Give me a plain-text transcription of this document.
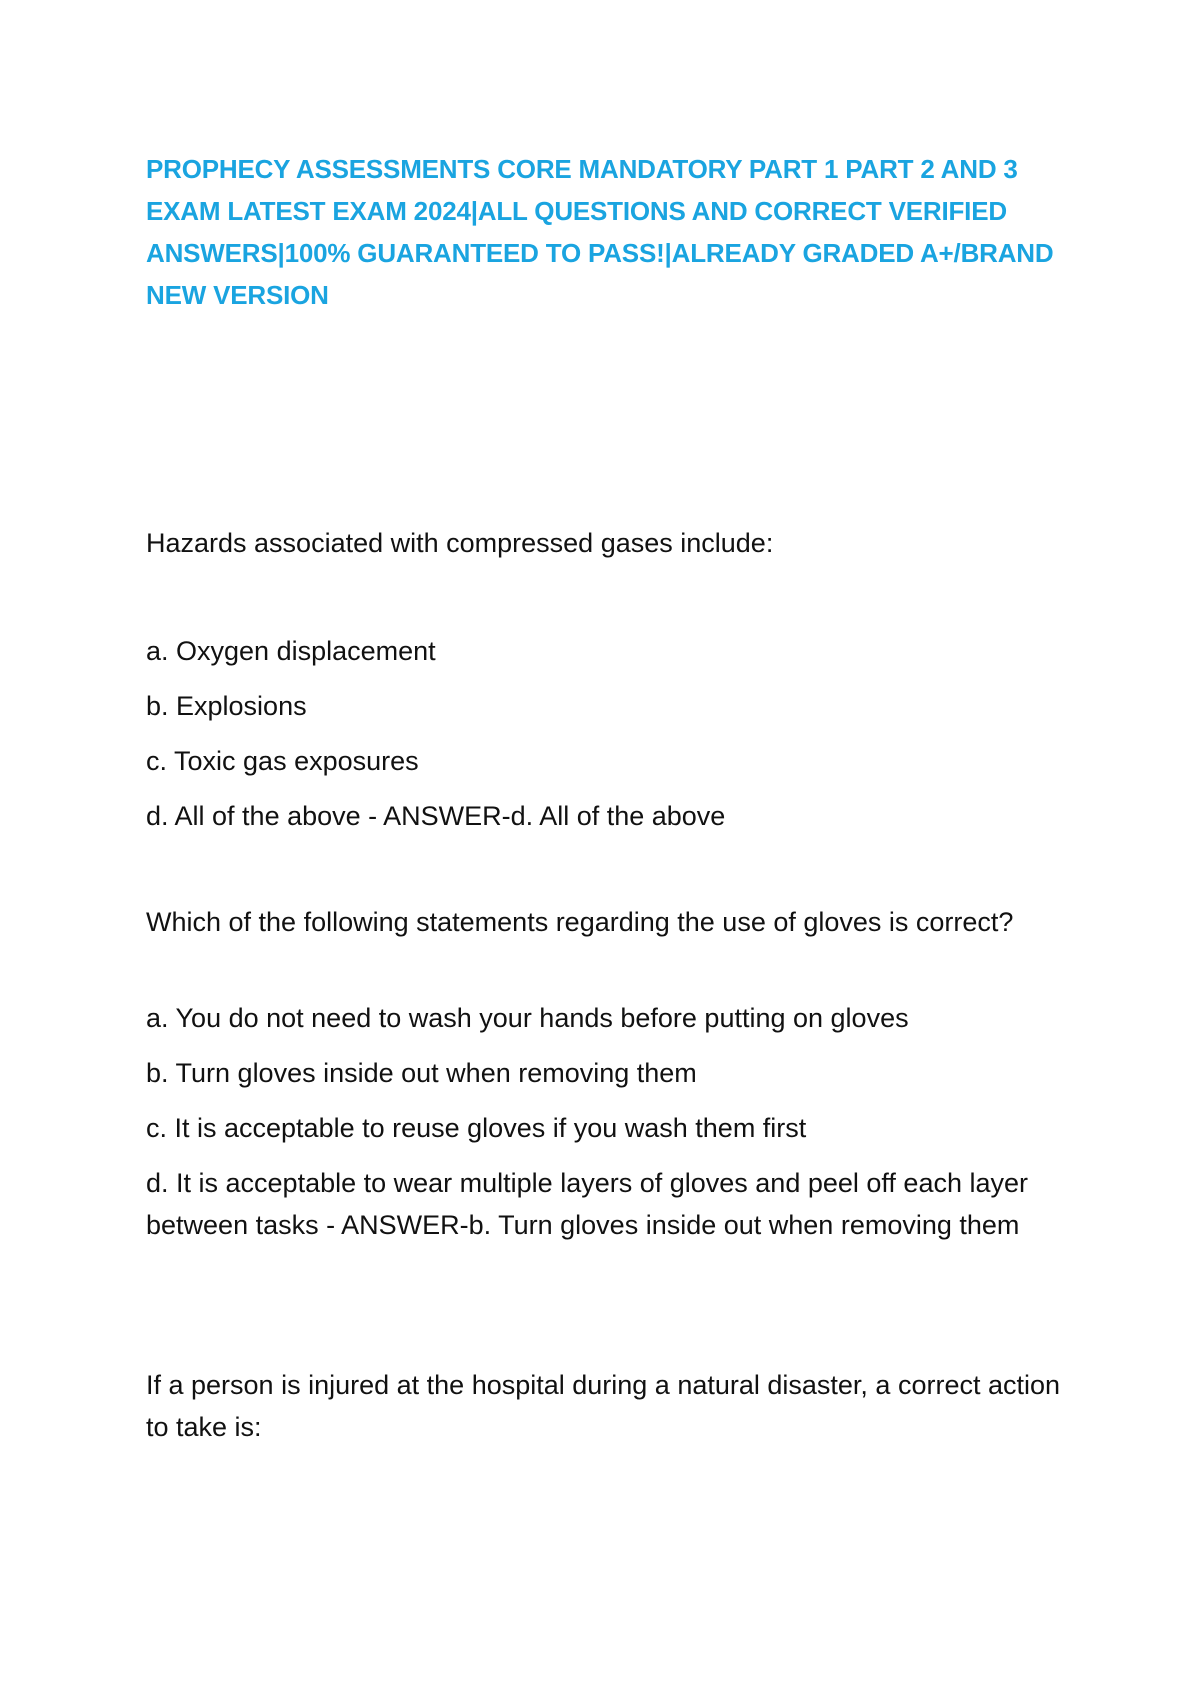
PROPHECY ASSESSMENTS CORE MANDATORY PART 1 PART 2 AND 3 EXAM LATEST EXAM 2024|ALL QUESTIONS AND CORRECT VERIFIED ANSWERS|100% GUARANTEED TO PASS!|ALREADY GRADED A+/BRAND NEW VERSION

Hazards associated with compressed gases include:

a. Oxygen displacement

b. Explosions

c. Toxic gas exposures

d. All of the above - ANSWER-d. All of the above

Which of the following statements regarding the use of gloves is correct?

a. You do not need to wash your hands before putting on gloves

b. Turn gloves inside out when removing them

c. It is acceptable to reuse gloves if you wash them first

d. It is acceptable to wear multiple layers of gloves and peel off each layer between tasks - ANSWER-b. Turn gloves inside out when removing them

If a person is injured at the hospital during a natural disaster, a correct action to take is:
